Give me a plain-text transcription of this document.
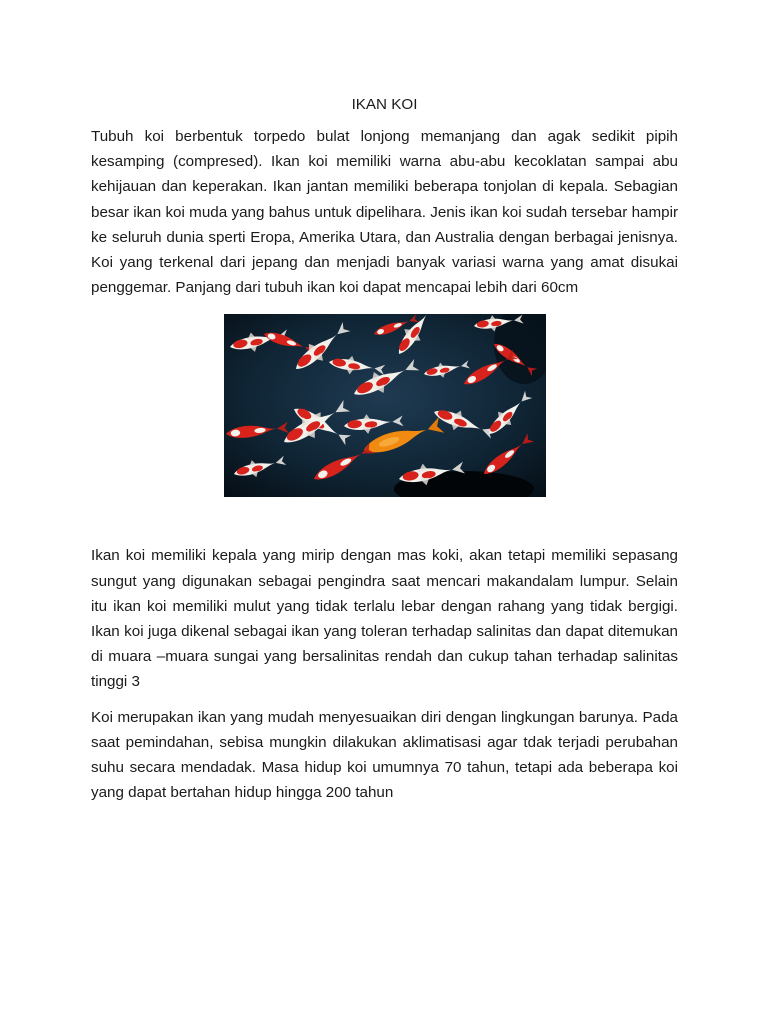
IKAN KOI

Tubuh koi berbentuk torpedo bulat lonjong memanjang dan agak sedikit pipih kesamping (compresed). Ikan koi memiliki warna abu-abu kecoklatan sampai abu kehijauan dan keperakan. Ikan jantan memiliki beberapa tonjolan di kepala. Sebagian besar ikan koi muda yang bahus untuk dipelihara. Jenis ikan koi sudah tersebar hampir ke seluruh dunia sperti Eropa, Amerika Utara, dan Australia dengan berbagai jenisnya. Koi yang terkenal dari jepang dan menjadi banyak variasi warna yang amat disukai penggemar. Panjang dari tubuh ikan koi dapat mencapai lebih dari 60cm

Ikan koi memiliki kepala yang mirip dengan mas koki, akan tetapi memiliki sepasang sungut yang digunakan sebagai pengindra saat mencari makandalam lumpur. Selain itu ikan koi memiliki mulut yang tidak terlalu lebar dengan rahang yang tidak bergigi. Ikan koi juga dikenal sebagai ikan yang toleran terhadap salinitas dan dapat ditemukan di muara –muara sungai yang bersalinitas rendah dan cukup tahan terhadap salinitas tinggi 3

Koi merupakan ikan yang mudah menyesuaikan diri dengan lingkungan barunya. Pada saat pemindahan, sebisa mungkin dilakukan aklimatisasi agar tdak terjadi perubahan suhu secara mendadak. Masa hidup koi umumnya 70 tahun, tetapi ada beberapa koi yang dapat bertahan hidup hingga 200 tahun
